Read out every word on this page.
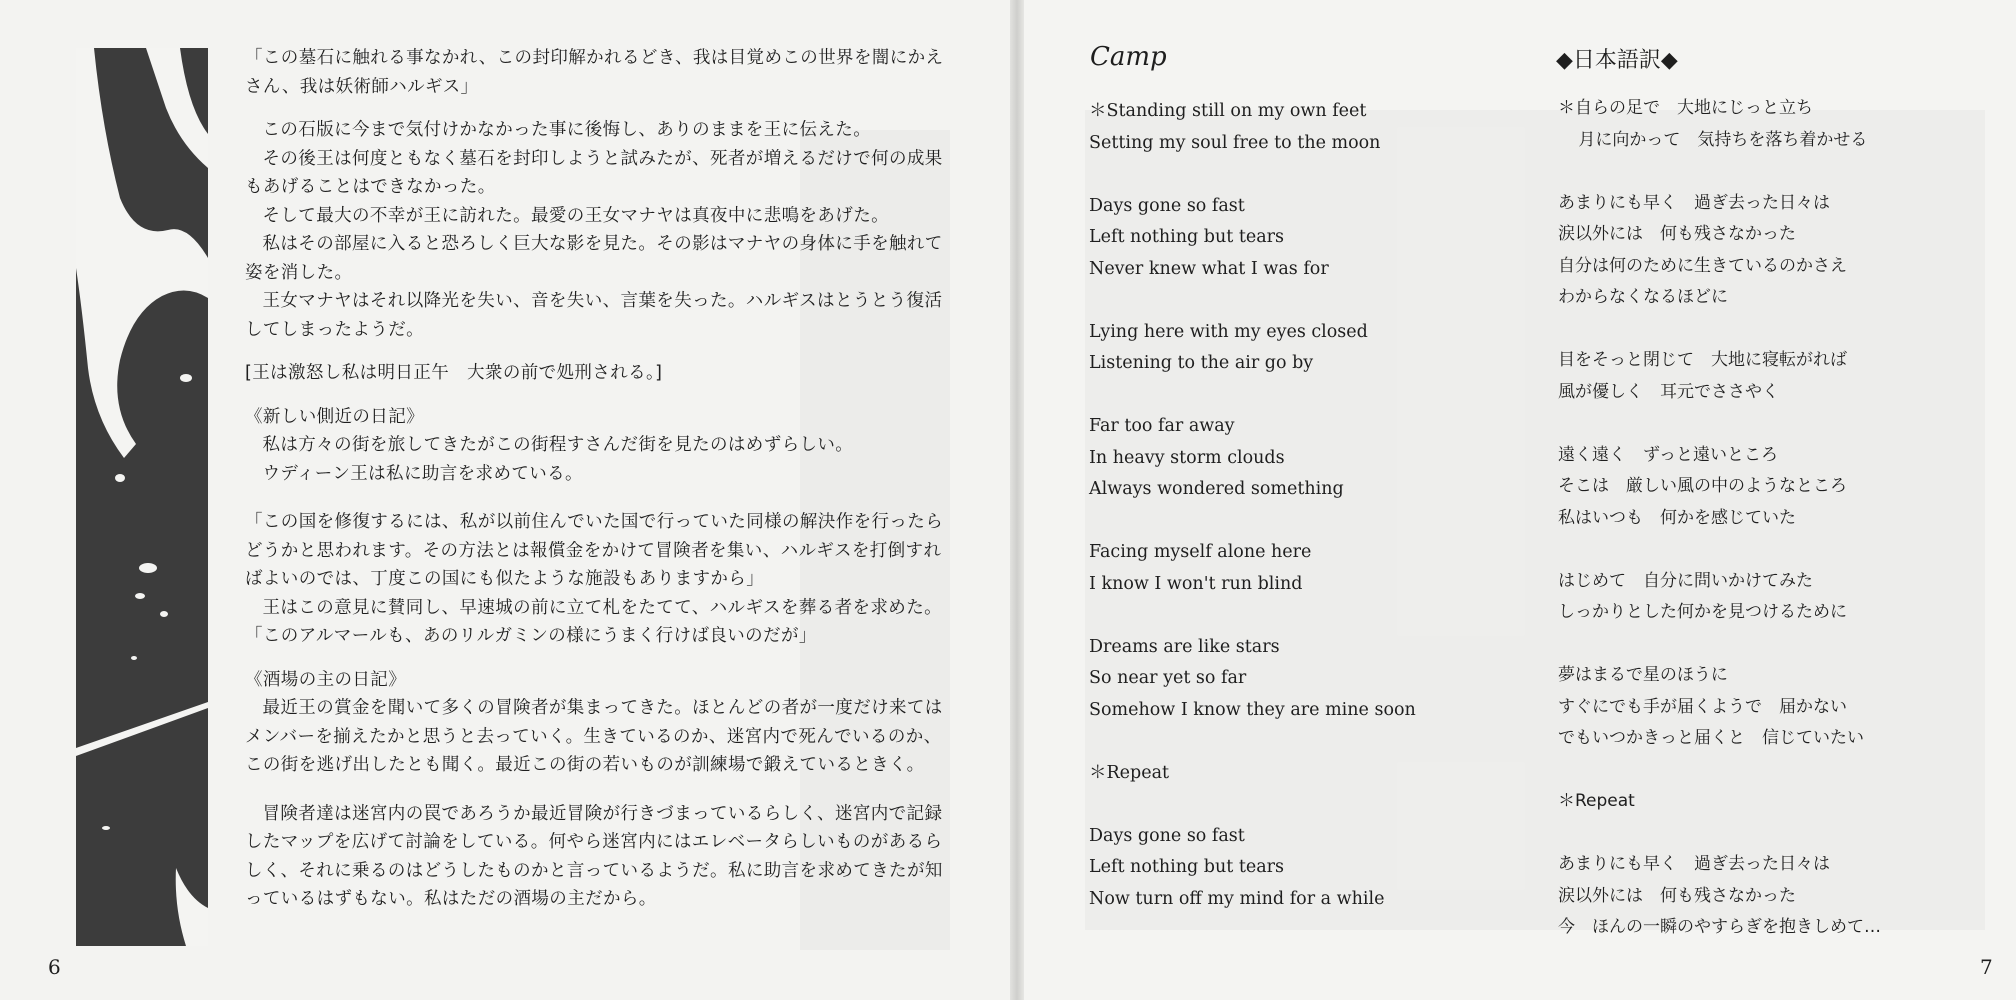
「この墓石に触れる事なかれ、この封印解かれるどき、我は目覚めこの世界を闇にかえさん、我は妖術師ハルギス」

この石版に今まで気付けかなかった事に後悔し、ありのままを王に伝えた。

その後王は何度ともなく墓石を封印しようと試みたが、死者が増えるだけで何の成果もあげることはできなかった。

そして最大の不幸が王に訪れた。最愛の王女マナヤは真夜中に悲鳴をあげた。

私はその部屋に入ると恐ろしく巨大な影を見た。その影はマナヤの身体に手を触れて姿を消した。

王女マナヤはそれ以降光を失い、音を失い、言葉を失った。ハルギスはとうとう復活してしまったようだ。

[王は激怒し私は明日正午　大衆の前で処刑される。]

《新しい側近の日記》

私は方々の街を旅してきたがこの街程すさんだ街を見たのはめずらしい。

ウディーン王は私に助言を求めている。

「この国を修復するには、私が以前住んでいた国で行っていた同様の解決作を行ったらどうかと思われます。その方法とは報償金をかけて冒険者を集い、ハルギスを打倒すればよいのでは、丁度この国にも似たような施設もありますから」

王はこの意見に賛同し、早速城の前に立て札をたてて、ハルギスを葬る者を求めた。

「このアルマールも、あのリルガミンの様にうまく行けば良いのだが」

《酒場の主の日記》

最近王の賞金を聞いて多くの冒険者が集まってきた。ほとんどの者が一度だけ来てはメンバーを揃えたかと思うと去っていく。生きているのか、迷宮内で死んでいるのか、この街を逃げ出したとも聞く。最近この街の若いものが訓練場で鍛えているときく。

冒険者達は迷宮内の罠であろうか最近冒険が行きづまっているらしく、迷宮内で記録したマップを広げて討論をしている。何やら迷宮内にはエレベータらしいものがあるらしく、それに乗るのはどうしたものかと言っているようだ。私に助言を求めてきたが知っているはずもない。私はただの酒場の主だから。

6
Camp
＊Standing still on my own feet
Setting my soul free to the moon
Days gone so fast
Left nothing but tears
Never knew what I was for
Lying here with my eyes closed
Listening to the air go by
Far too far away
In heavy storm clouds
Always wondered something
Facing myself alone here
I know I won't run blind
Dreams are like stars
So near yet so far
Somehow I know they are mine soon
＊Repeat
Days gone so fast
Left nothing but tears
Now turn off my mind for a while
◆日本語訳◆
＊自らの足で　大地にじっと立ち
月に向かって　気持ちを落ち着かせる
あまりにも早く　過ぎ去った日々は
涙以外には　何も残さなかった
自分は何のために生きているのかさえ
わからなくなるほどに
目をそっと閉じて　大地に寝転がれば
風が優しく　耳元でささやく
遠く遠く　ずっと遠いところ
そこは　厳しい風の中のようなところ
私はいつも　何かを感じていた
はじめて　自分に問いかけてみた
しっかりとした何かを見つけるために
夢はまるで星のほうに
すぐにでも手が届くようで　届かない
でもいつかきっと届くと　信じていたい
＊Repeat
あまりにも早く　過ぎ去った日々は
涙以外には　何も残さなかった
今　ほんの一瞬のやすらぎを抱きしめて…
7
